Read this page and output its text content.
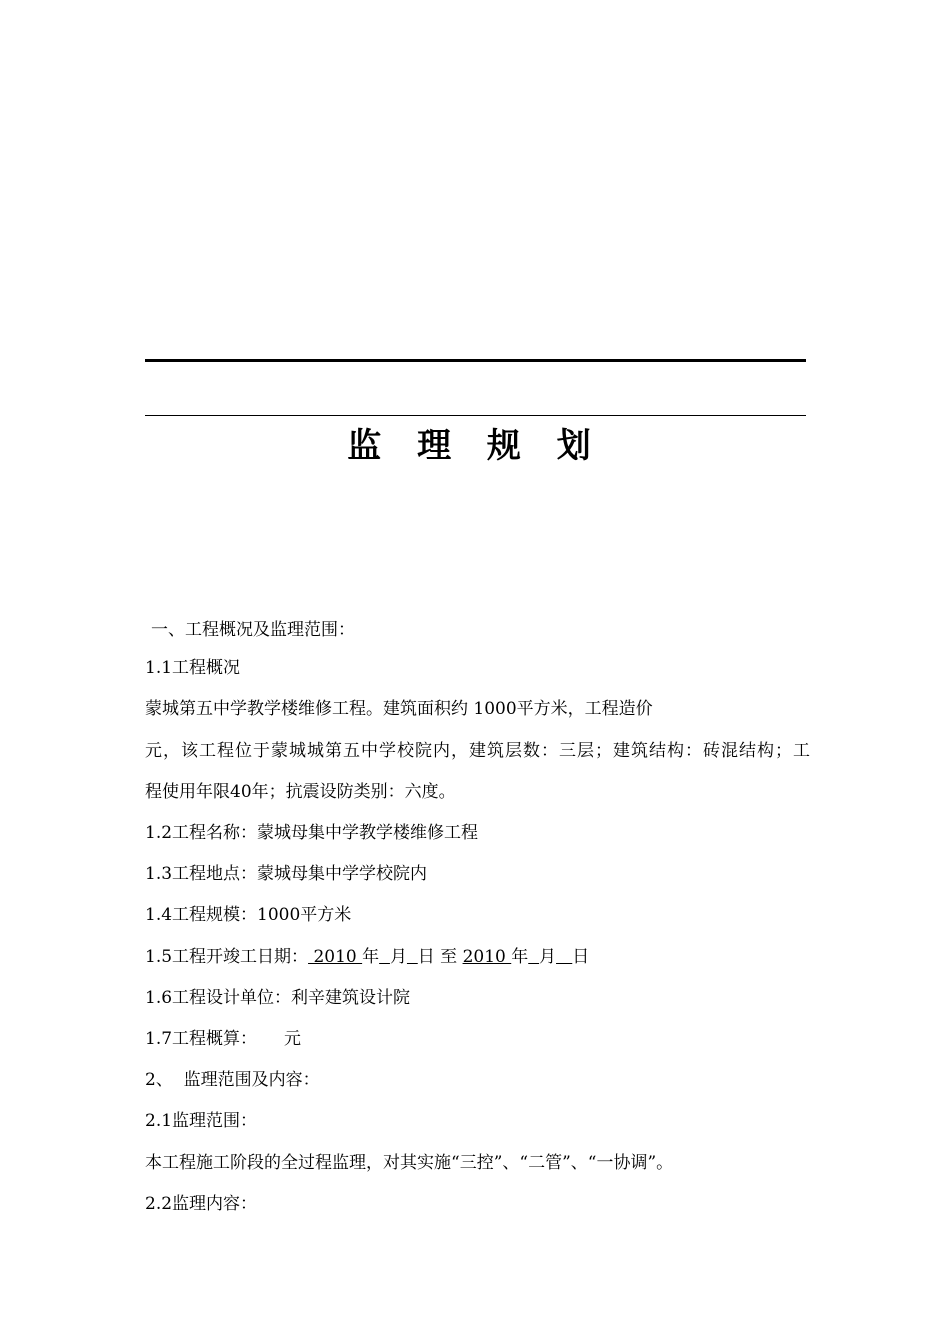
监 理 规 划
一、工程概况及监理范围：
1.1工程概况
蒙城第五中学教学楼维修工程。建筑面积约 1000平方米，工程造价
元，该工程位于蒙城城第五中学校院内，建筑层数：三层；建筑结构：砖混结构；工
程使用年限40年；抗震设防类别：六度。
1.2工程名称：蒙城母集中学教学楼维修工程
1.3工程地点：蒙城母集中学学校院内
1.4工程规模：1000平方米
1.5工程开竣工日期： 2010 年 月 日 至 2010 年 月 日
1.6工程设计单位：利辛建筑设计院
1.7工程概算：     元
2、  监理范围及内容：
2.1监理范围：
本工程施工阶段的全过程监理，对其实施“三控”、“二管”、“一协调”。
2.2监理内容：
